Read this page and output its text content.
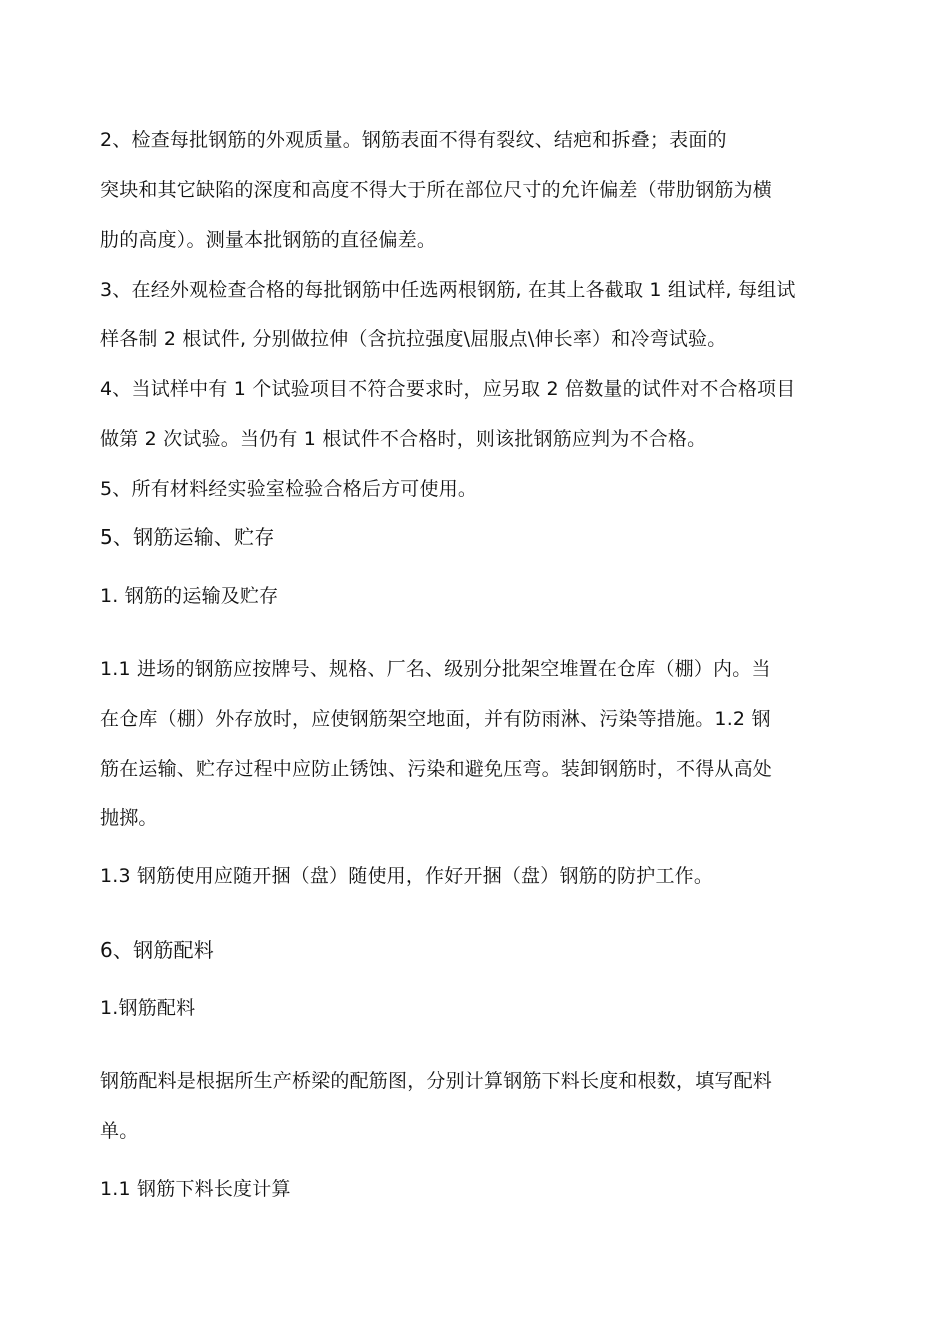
2、检查每批钢筋的外观质量。钢筋表面不得有裂纹、结疤和拆叠；表面的
突块和其它缺陷的深度和高度不得大于所在部位尺寸的允许偏差（带肋钢筋为横
肋的高度）。测量本批钢筋的直径偏差。
3、在经外观检查合格的每批钢筋中任选两根钢筋, 在其上各截取 1 组试样, 每组试
样各制 2 根试件, 分别做拉伸（含抗拉强度\屈服点\伸长率）和冷弯试验。
4、当试样中有 1 个试验项目不符合要求时，应另取 2 倍数量的试件对不合格项目
做第 2 次试验。当仍有 1 根试件不合格时，则该批钢筋应判为不合格。
5、所有材料经实验室检验合格后方可使用。
5、钢筋运输、贮存
1. 钢筋的运输及贮存
1.1 进场的钢筋应按牌号、规格、厂名、级别分批架空堆置在仓库（棚）内。当
在仓库（棚）外存放时，应使钢筋架空地面，并有防雨淋、污染等措施。1.2 钢
筋在运输、贮存过程中应防止锈蚀、污染和避免压弯。装卸钢筋时，不得从高处
抛掷。
1.3 钢筋使用应随开捆（盘）随使用，作好开捆（盘）钢筋的防护工作。
6、钢筋配料
1.钢筋配料
钢筋配料是根据所生产桥梁的配筋图，分别计算钢筋下料长度和根数，填写配料
单。
1.1 钢筋下料长度计算
